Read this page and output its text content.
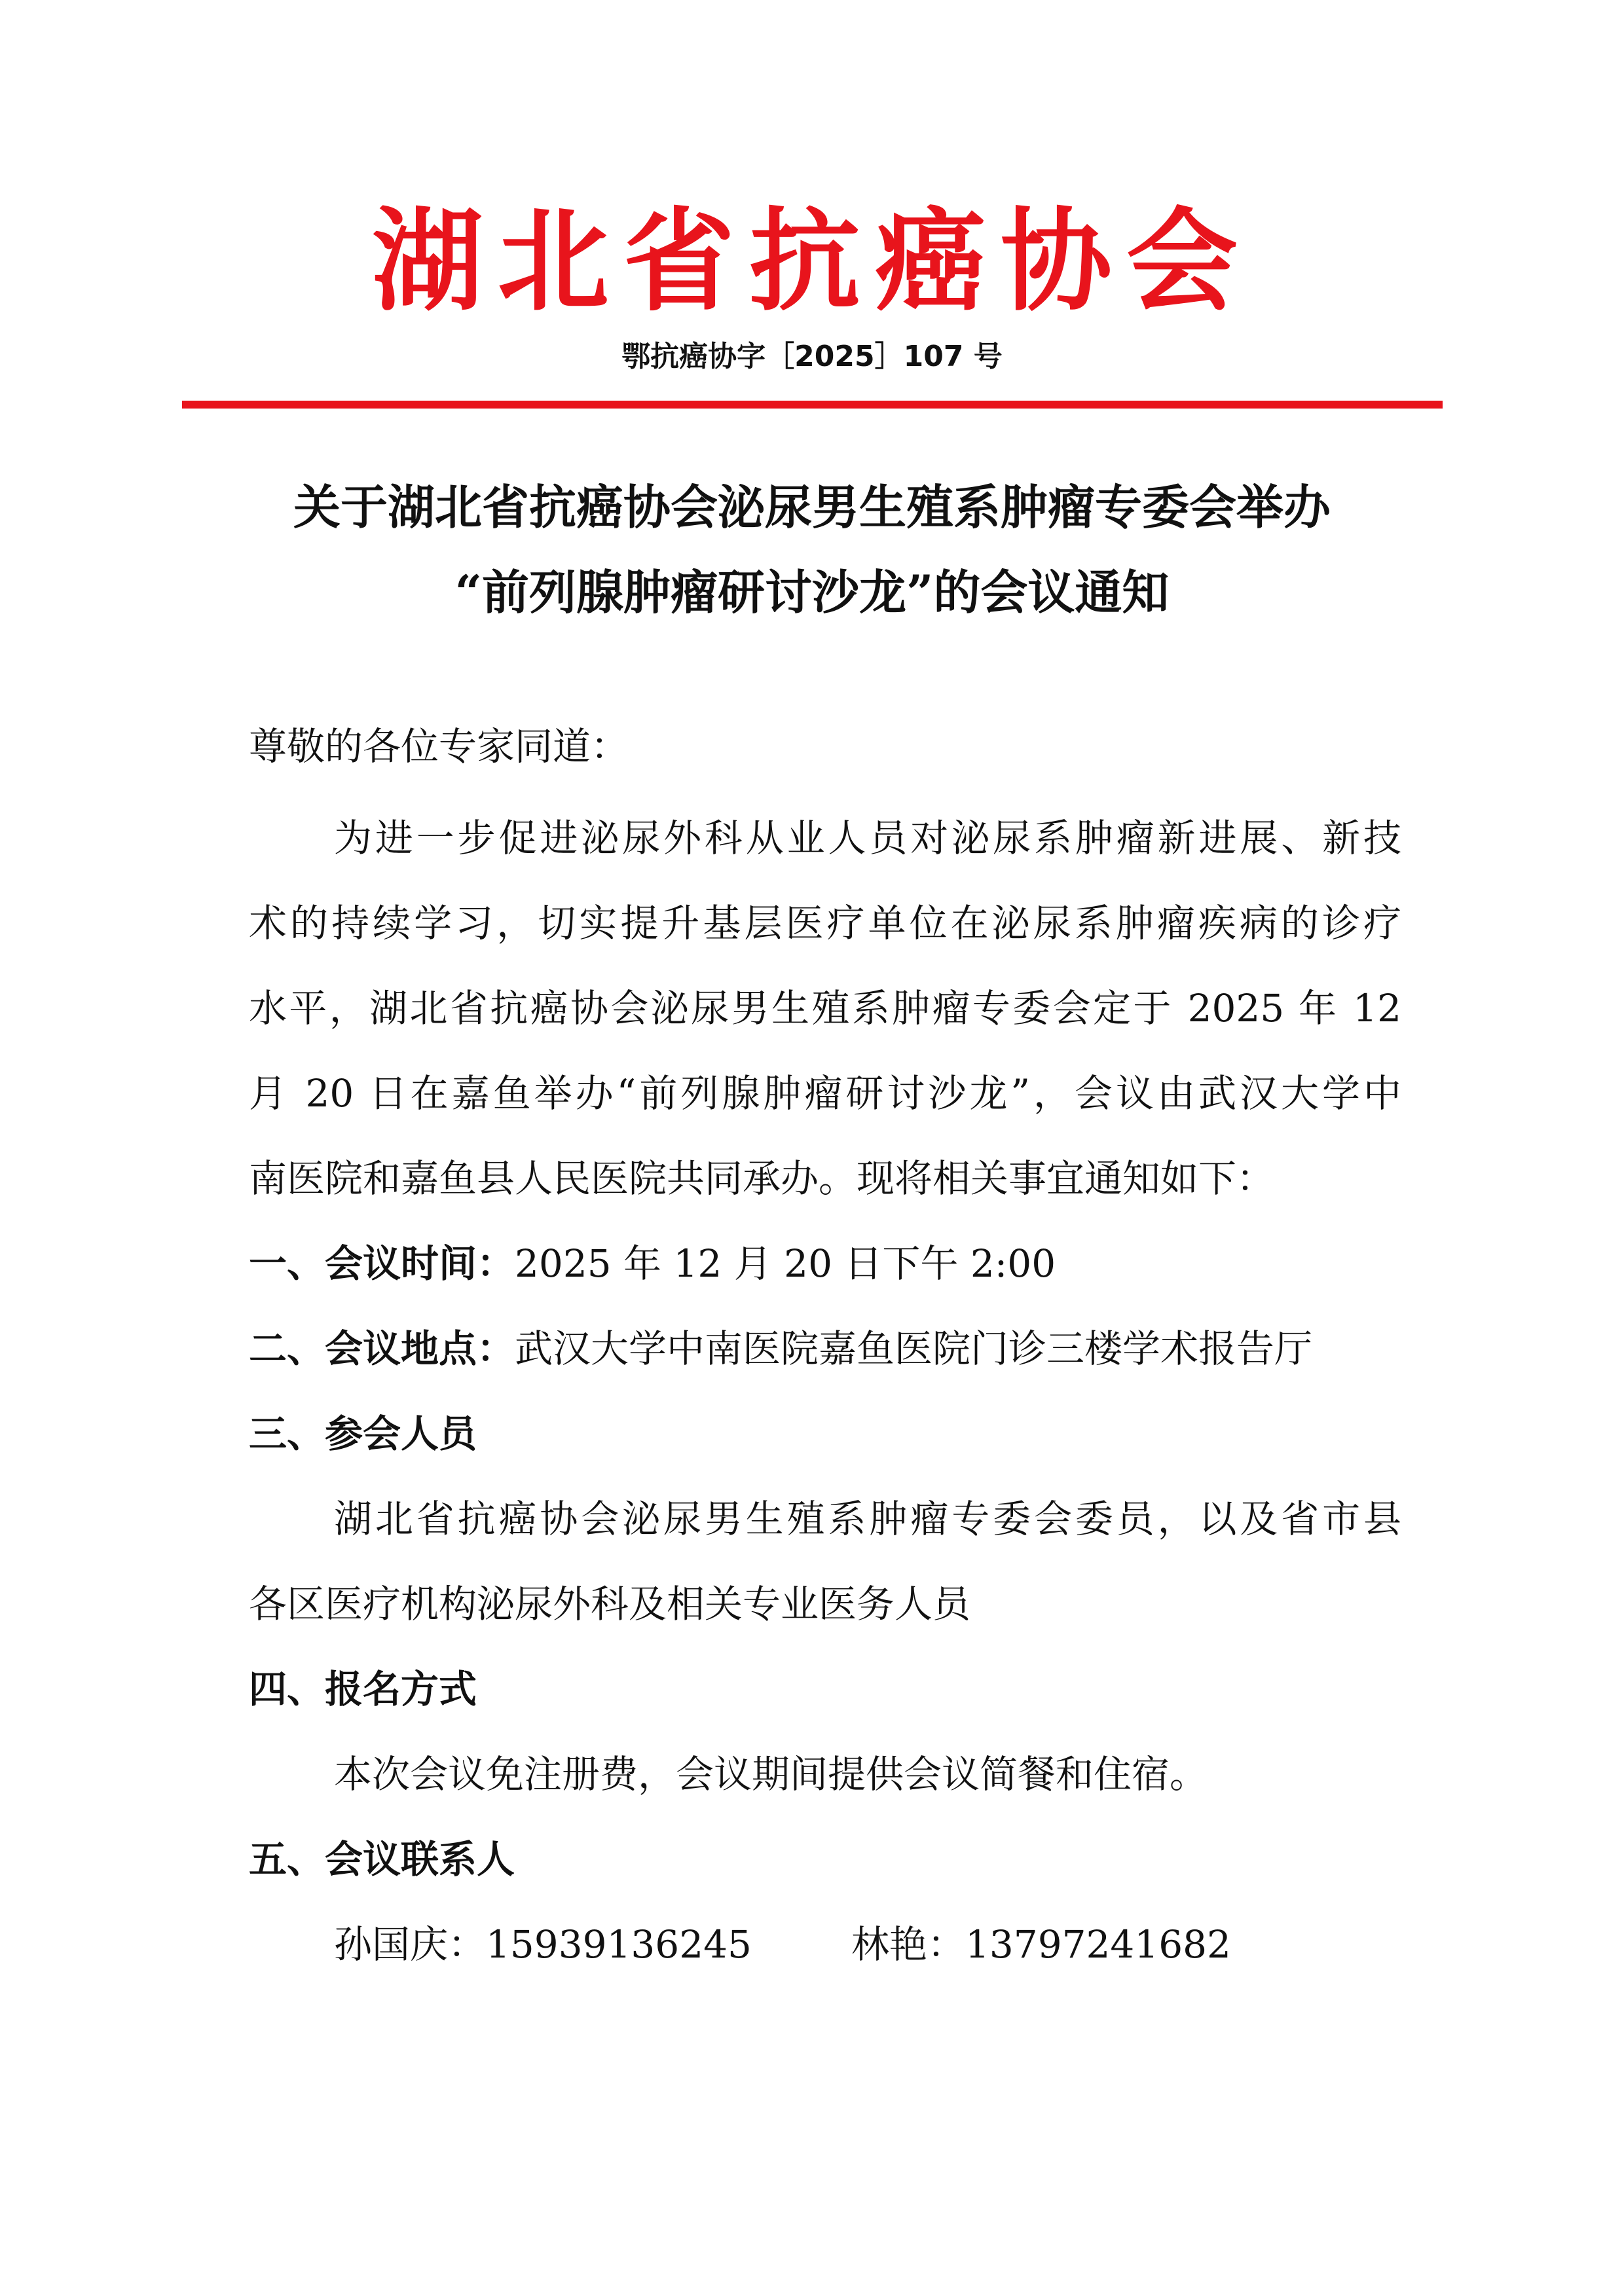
湖北省抗癌协会
鄂抗癌协字［2025］107 号
关于湖北省抗癌协会泌尿男生殖系肿瘤专委会举办
“前列腺肿瘤研讨沙龙”的会议通知
尊敬的各位专家同道：
为进一步促进泌尿外科从业人员对泌尿系肿瘤新进展、新技
术的持续学习，切实提升基层医疗单位在泌尿系肿瘤疾病的诊疗
水平，湖北省抗癌协会泌尿男生殖系肿瘤专委会定于 2025 年 12
月 20 日在嘉鱼举办“前列腺肿瘤研讨沙龙”，会议由武汉大学中
南医院和嘉鱼县人民医院共同承办。现将相关事宜通知如下：
一、会议时间：2025 年 12 月 20 日下午 2:00
二、会议地点：武汉大学中南医院嘉鱼医院门诊三楼学术报告厅
三、参会人员
湖北省抗癌协会泌尿男生殖系肿瘤专委会委员，以及省市县
各区医疗机构泌尿外科及相关专业医务人员
四、报名方式
本次会议免注册费，会议期间提供会议简餐和住宿。
五、会议联系人
孙国庆：15939136245	林艳：13797241682
